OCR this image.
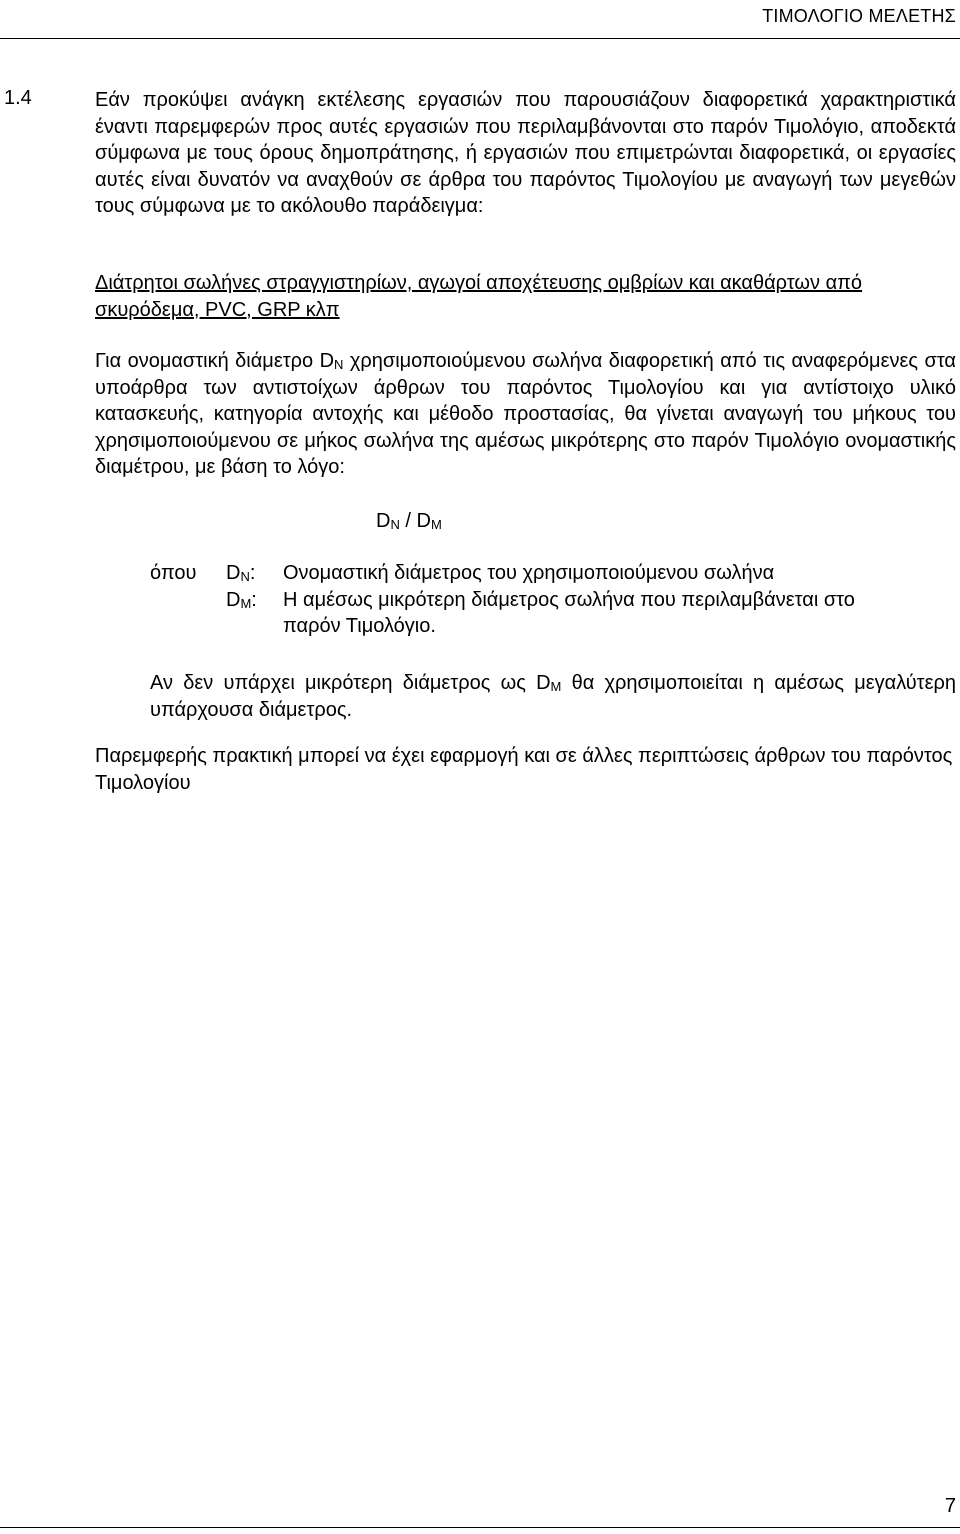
ΤΙΜΟΛΟΓΙΟ ΜΕΛΕΤΗΣ
1.4	Εάν προκύψει ανάγκη εκτέλεσης εργασιών που παρουσιάζουν διαφορετικά χαρακτηριστικά έναντι παρεμφερών προς αυτές εργασιών που περιλαμβάνονται στο παρόν Τιμολόγιο, αποδεκτά σύμφωνα με τους όρους δημοπράτησης, ή εργασιών που επιμετρώνται διαφορετικά, οι εργασίες αυτές είναι δυνατόν να αναχθούν σε άρθρα του παρόντος Τιμολογίου με αναγωγή των μεγεθών τους σύμφωνα με το ακόλουθο παράδειγμα:
Διάτρητοι σωλήνες στραγγιστηρίων, αγωγοί αποχέτευσης ομβρίων και ακαθάρτων από σκυρόδεμα, PVC, GRP κλπ
Για ονομαστική διάμετρο $D_N$ χρησιμοποιούμενου σωλήνα διαφορετική από τις αναφερόμενες στα υποάρθρα των αντιστοίχων άρθρων του παρόντος Τιμολογίου και για αντίστοιχο υλικό κατασκευής, κατηγορία αντοχής και μέθοδο προστασίας, θα γίνεται αναγωγή του μήκους του χρησιμοποιούμενου σε μήκος σωλήνα της αμέσως μικρότερης στο παρόν Τιμολόγιο ονομαστικής διαμέτρου, με βάση το λόγο:
$D_N / D_M$
όπου	$D_N$:	Ονομαστική διάμετρος του χρησιμοποιούμενου σωλήνα
	$D_M$:	Η αμέσως μικρότερη διάμετρος σωλήνα που περιλαμβάνεται στο παρόν Τιμολόγιο.
Αν δεν υπάρχει μικρότερη διάμετρος ως $D_M$ θα χρησιμοποιείται η αμέσως μεγαλύτερη υπάρχουσα διάμετρος.
Παρεμφερής πρακτική μπορεί να έχει εφαρμογή και σε άλλες περιπτώσεις άρθρων του παρόντος Τιμολογίου
7
